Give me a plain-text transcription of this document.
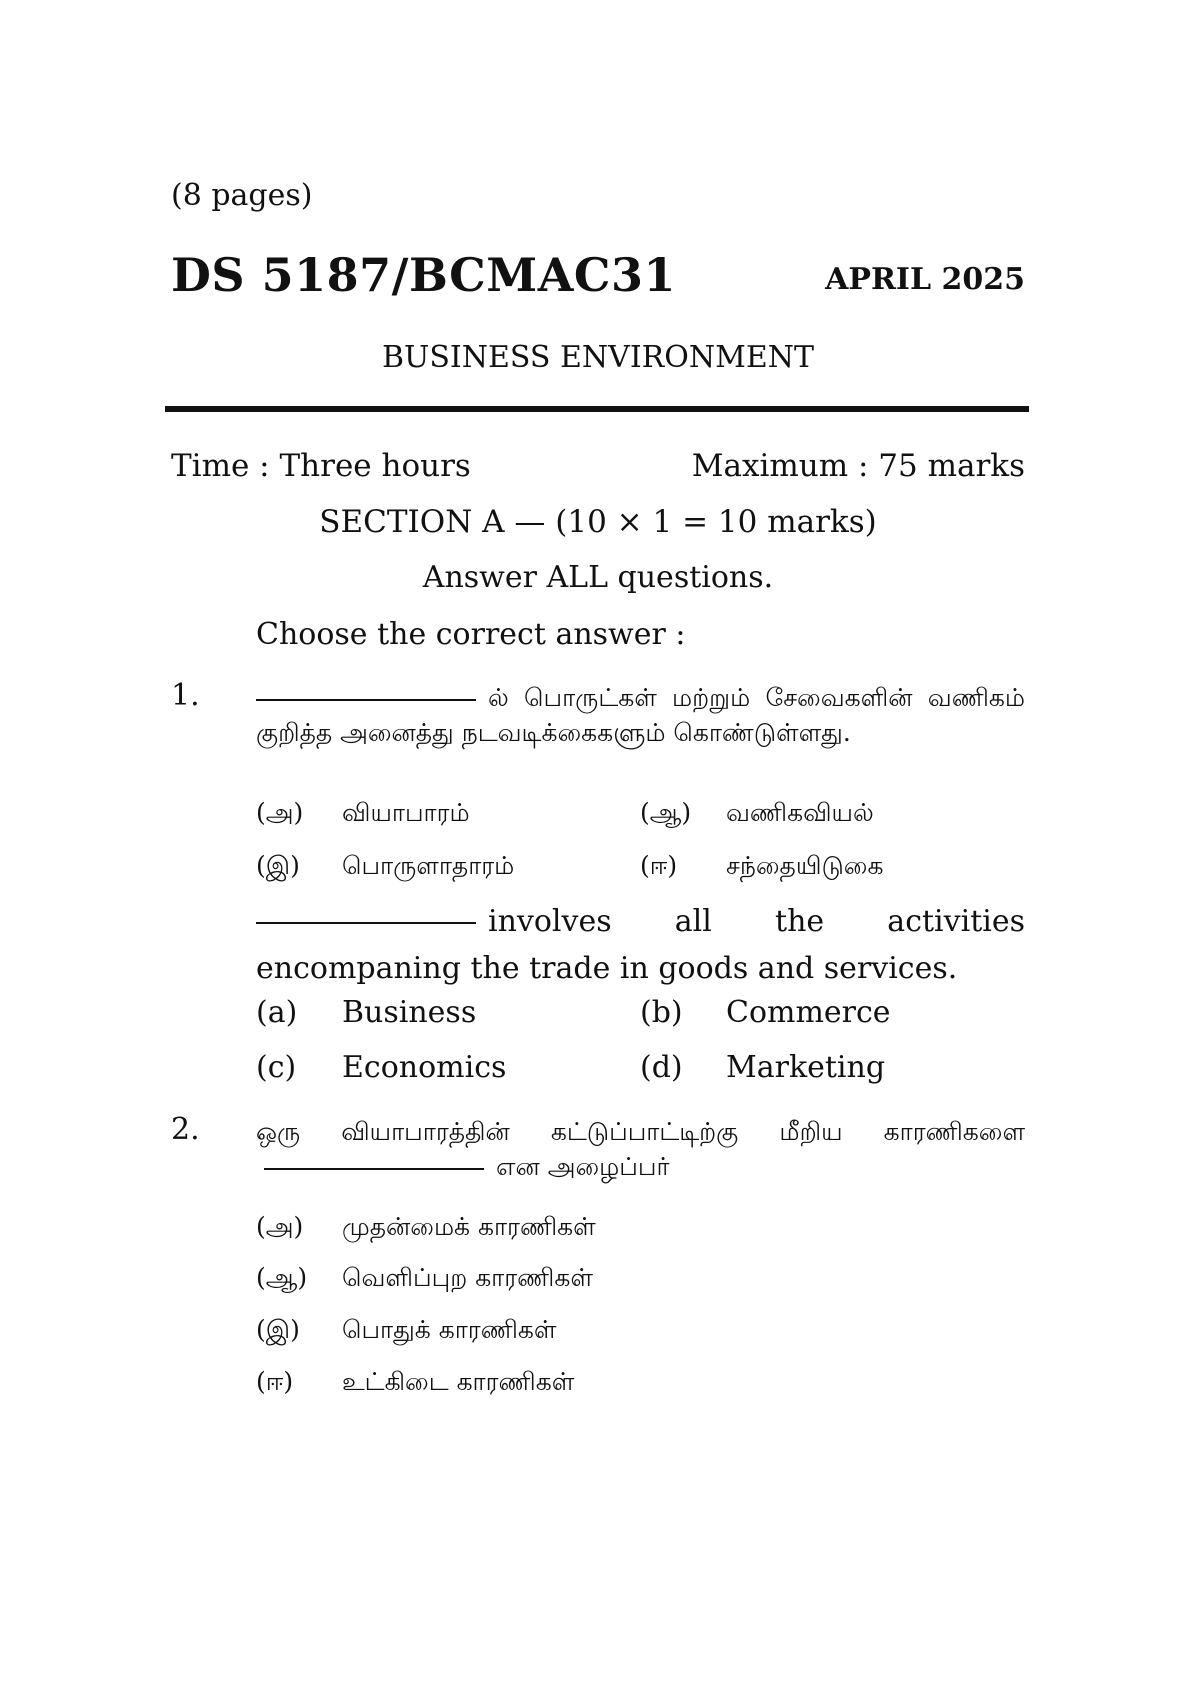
(8 pages)
DS 5187/BCMAC31	APRIL 2025
BUSINESS ENVIRONMENT
Time : Three hours	Maximum : 75 marks
SECTION A — (10 × 1 = 10 marks)
Answer ALL questions.
Choose the correct answer :
1.	ல் பொருட்கள் மற்றும் சேவைகளின் வணிகம் குறித்த அனைத்து நடவடிக்கைகளும் கொண்டுள்ளது.
(அ) வியாபாரம்	(ஆ) வணிகவியல்
(இ) பொருளாதாரம்	(ஈ) சந்தையிடுகை
involves all the activities encompaning the trade in goods and services.
(a) Business	(b) Commerce
(c) Economics	(d) Marketing
2. ஒரு வியாபாரத்தின் கட்டுப்பாட்டிற்கு மீறிய காரணிகளைஎன அழைப்பர்
(அ) முதன்மைக் காரணிகள்
(ஆ) வெளிப்புற காரணிகள்
(இ) பொதுக் காரணிகள்
(ஈ) உட்கிடை காரணிகள்
